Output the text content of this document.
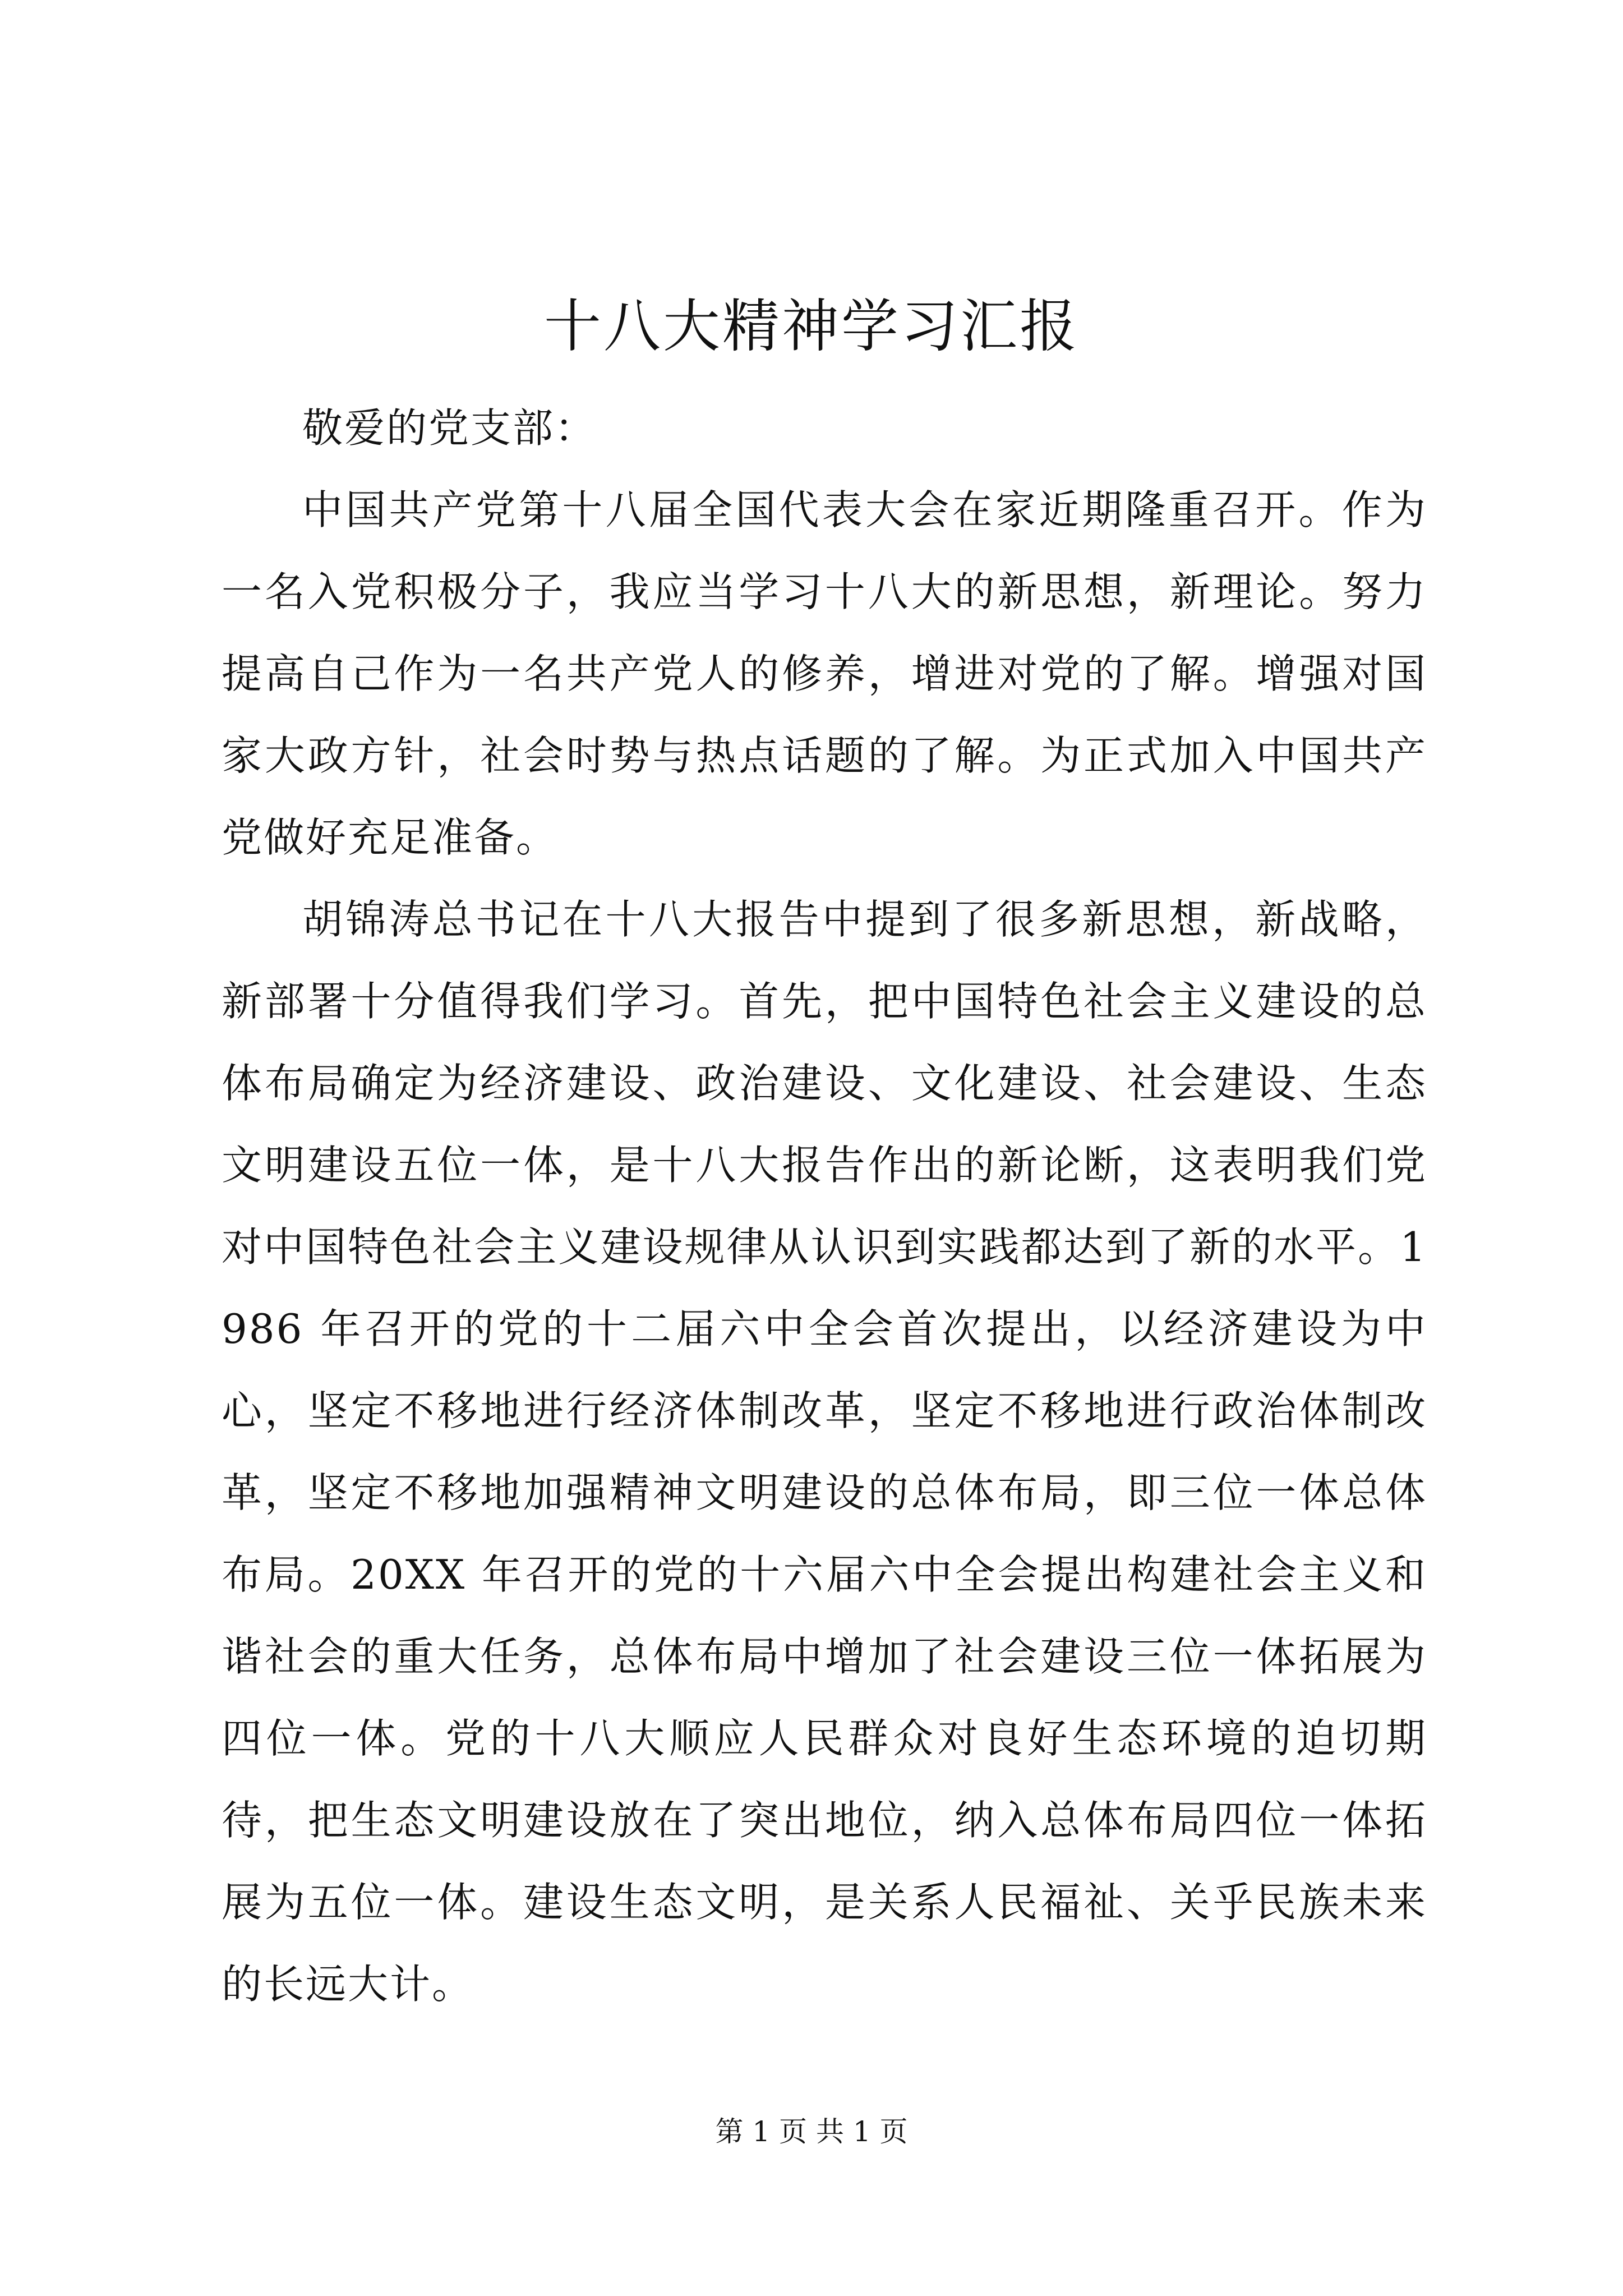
十八大精神学习汇报

敬爱的党支部：

中国共产党第十八届全国代表大会在家近期隆重召开。作为一名入党积极分子，我应当学习十八大的新思想，新理论。努力提高自己作为一名共产党人的修养，增进对党的了解。增强对国家大政方针，社会时势与热点话题的了解。为正式加入中国共产党做好充足准备。

胡锦涛总书记在十八大报告中提到了很多新思想，新战略，新部署十分值得我们学习。首先，把中国特色社会主义建设的总体布局确定为经济建设、政治建设、文化建设、社会建设、生态文明建设五位一体，是十八大报告作出的新论断，这表明我们党对中国特色社会主义建设规律从认识到实践都达到了新的水平。1986 年召开的党的十二届六中全会首次提出，以经济建设为中心，坚定不移地进行经济体制改革，坚定不移地进行政治体制改革，坚定不移地加强精神文明建设的总体布局，即三位一体总体布局。20XX 年召开的党的十六届六中全会提出构建社会主义和谐社会的重大任务，总体布局中增加了社会建设三位一体拓展为四位一体。党的十八大顺应人民群众对良好生态环境的迫切期待，把生态文明建设放在了突出地位，纳入总体布局四位一体拓展为五位一体。建设生态文明，是关系人民福祉、关乎民族未来的长远大计。

第 1 页 共 1 页
